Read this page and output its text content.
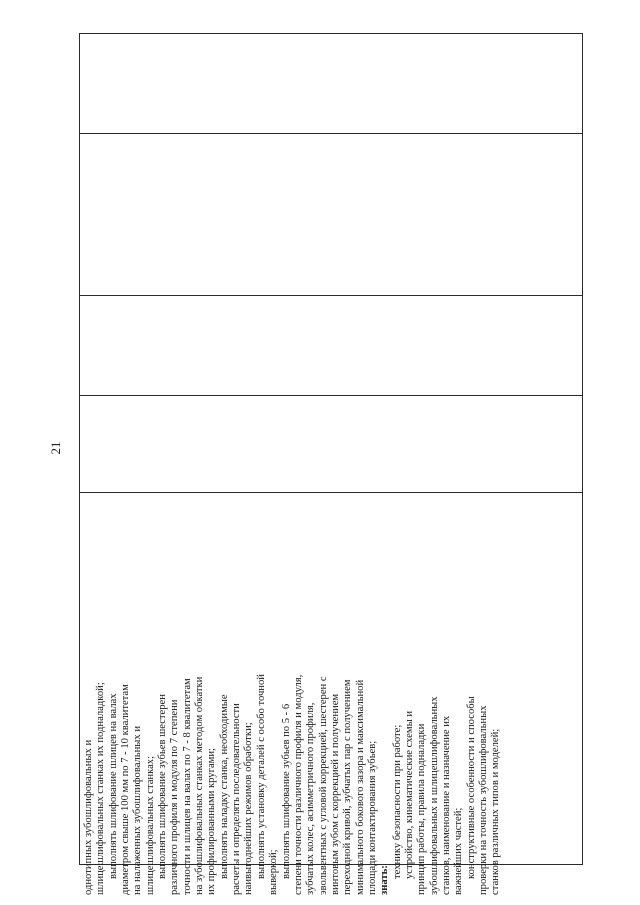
21
однотипных зубошлифовальных и шлицешлифовальных станках их подналадкой; выполнять шлифование шлицев на валах диаметром свыше 100 мм по 7 - 10 квалитетам на налаженных зубошлифовальных и шлицешлифовальных станках; выполнять шлифование зубьев шестерен различного профиля и модуля по 7 степени точности и шлицев на валах по 7 - 8 квалитетам на зубошлифовальных станках методом обкатки их профилированными кругами; выполнять наладку станка, необходимые расчеты и определять последовательности наивыгоднейших режимов обработки; выполнять установку деталей с особо точной выверкой; выполнять шлифование зубьев по 5 - 6 степени точности различного профиля и модуля, зубчатых колес, асимметричного профиля, эвольвентных с угловой коррекцией, шестерен с винтовым зубом с коррекцией и получением переходной кривой, зубчатых пар с получением минимального бокового зазора и максимальной площади контактирования зубьев; знать:
технику безопасности при работе; устройство, кинематические схемы и принцип работы, правила подналадки зубошлифовальных и шлицешлифовальных станков, наименование и назначение их важнейших частей; конструктивные особенности и способы проверки на точность зубошлифовальных станков различных типов и моделей;
